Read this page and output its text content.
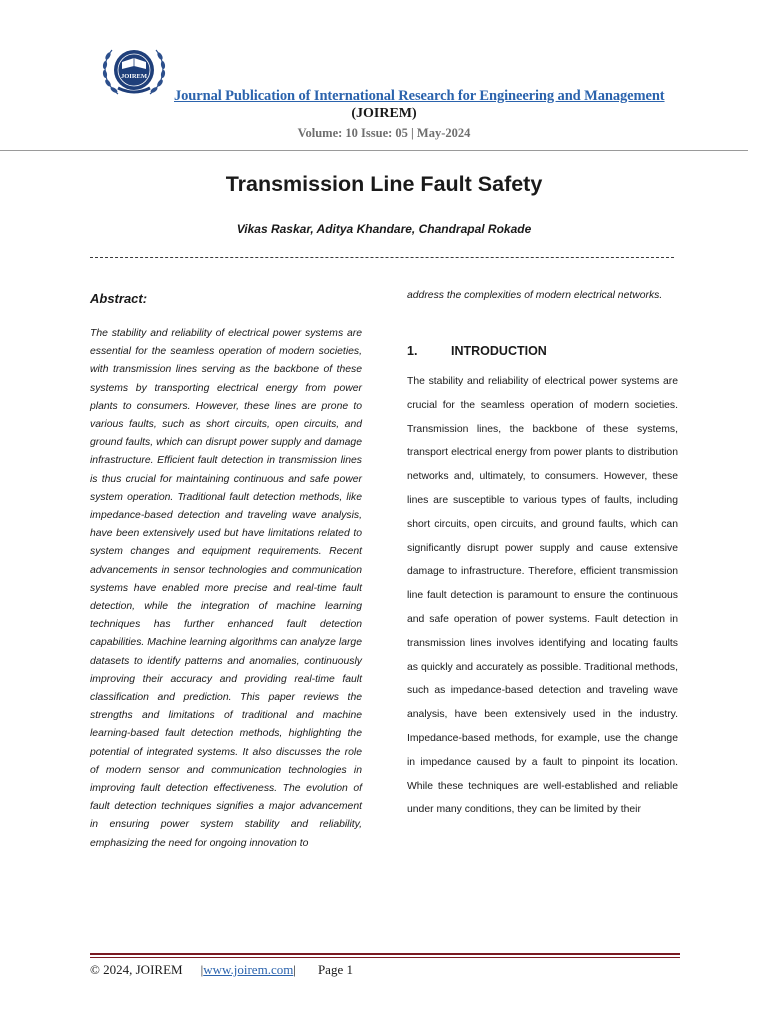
JOIREM
Journal Publication of International Research for Engineering and Management
(JOIREM)
Volume: 10 Issue: 05 | May-2024
Transmission Line Fault Safety
Vikas Raskar, Aditya Khandare, Chandrapal Rokade
Abstract:

The stability and reliability of electrical power systems are essential for the seamless operation of modern societies, with transmission lines serving as the backbone of these systems by transporting electrical energy from power plants to consumers. However, these lines are prone to various faults, such as short circuits, open circuits, and ground faults, which can disrupt power supply and damage infrastructure. Efficient fault detection in transmission lines is thus crucial for maintaining continuous and safe power system operation. Traditional fault detection methods, like impedance-based detection and traveling wave analysis, have been extensively used but have limitations related to system changes and equipment requirements. Recent advancements in sensor technologies and communication systems have enabled more precise and real-time fault detection, while the integration of machine learning techniques has further enhanced fault detection capabilities. Machine learning algorithms can analyze large datasets to identify patterns and anomalies, continuously improving their accuracy and providing real-time fault classification and prediction. This paper reviews the strengths and limitations of traditional and machine learning-based fault detection methods, highlighting the potential of integrated systems. It also discusses the role of modern sensor and communication technologies in improving fault detection effectiveness. The evolution of fault detection techniques signifies a major advancement in ensuring power system stability and reliability, emphasizing the need for ongoing innovation to

address the complexities of modern electrical networks.

1.	INTRODUCTION

The stability and reliability of electrical power systems are crucial for the seamless operation of modern societies. Transmission lines, the backbone of these systems, transport electrical energy from power plants to distribution networks and, ultimately, to consumers. However, these lines are susceptible to various types of faults, including short circuits, open circuits, and ground faults, which can significantly disrupt power supply and cause extensive damage to infrastructure. Therefore, efficient transmission line fault detection is paramount to ensure the continuous and safe operation of power systems. Fault detection in transmission lines involves identifying and locating faults as quickly and accurately as possible. Traditional methods, such as impedance-based detection and traveling wave analysis, have been extensively used in the industry. Impedance-based methods, for example, use the change in impedance caused by a fault to pinpoint its location. While these techniques are well-established and reliable under many conditions, they can be limited by their

© 2024, JOIREM |www.joirem.com| Page 1
